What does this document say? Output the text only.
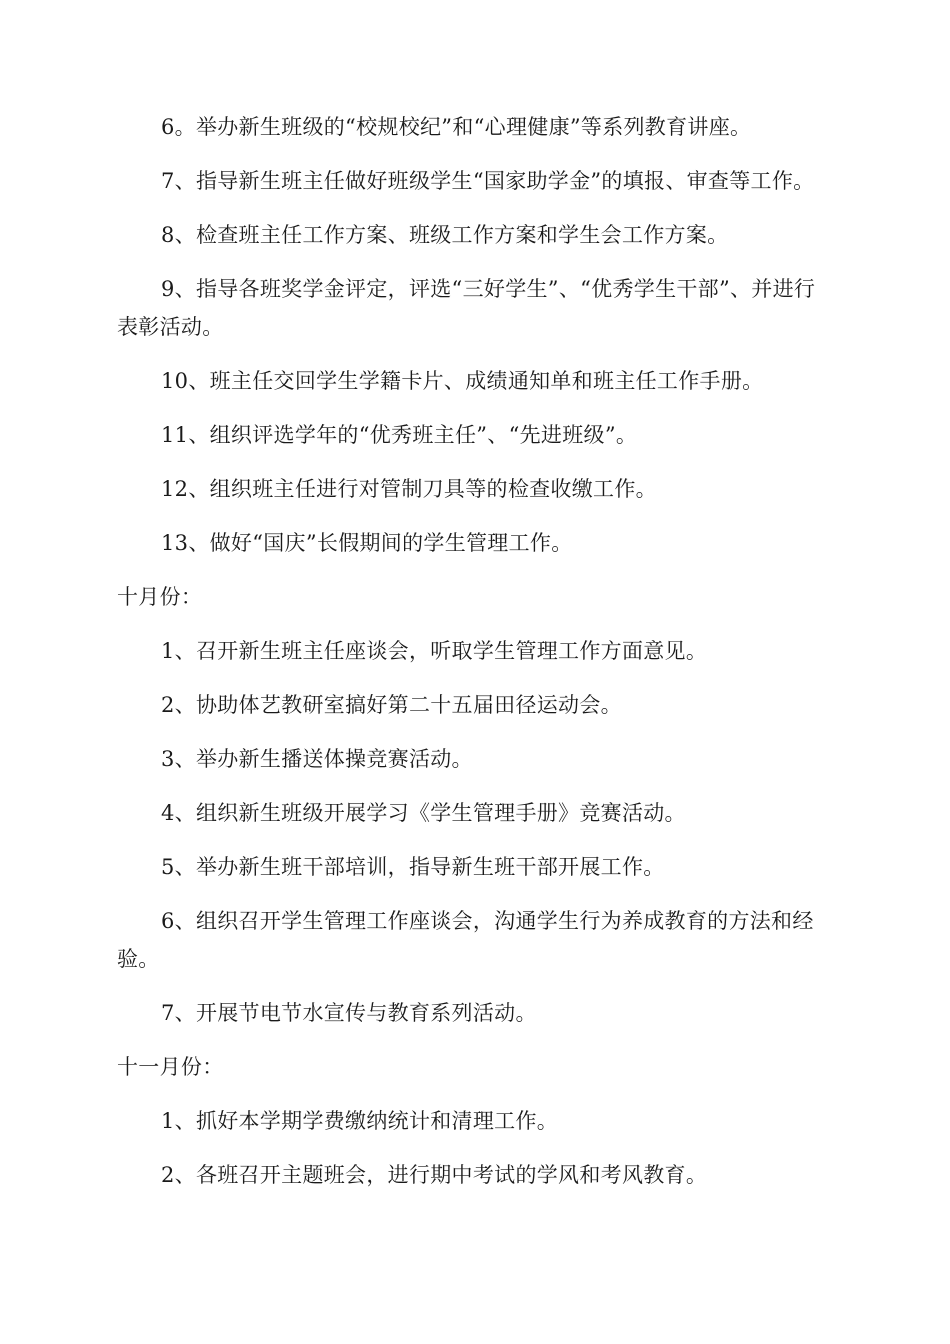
6。举办新生班级的“校规校纪”和“心理健康”等系列教育讲座。

7、指导新生班主任做好班级学生“国家助学金”的填报、审查等工作。

8、检查班主任工作方案、班级工作方案和学生会工作方案。

9、指导各班奖学金评定，评选“三好学生”、“优秀学生干部”、并进行表彰活动。

10、班主任交回学生学籍卡片、成绩通知单和班主任工作手册。

11、组织评选学年的“优秀班主任”、“先进班级”。

12、组织班主任进行对管制刀具等的检查收缴工作。

13、做好“国庆”长假期间的学生管理工作。

十月份：

1、召开新生班主任座谈会，听取学生管理工作方面意见。

2、协助体艺教研室搞好第二十五届田径运动会。

3、举办新生播送体操竞赛活动。

4、组织新生班级开展学习《学生管理手册》竞赛活动。

5、举办新生班干部培训，指导新生班干部开展工作。

6、组织召开学生管理工作座谈会，沟通学生行为养成教育的方法和经验。

7、开展节电节水宣传与教育系列活动。

十一月份：

1、抓好本学期学费缴纳统计和清理工作。

2、各班召开主题班会，进行期中考试的学风和考风教育。
